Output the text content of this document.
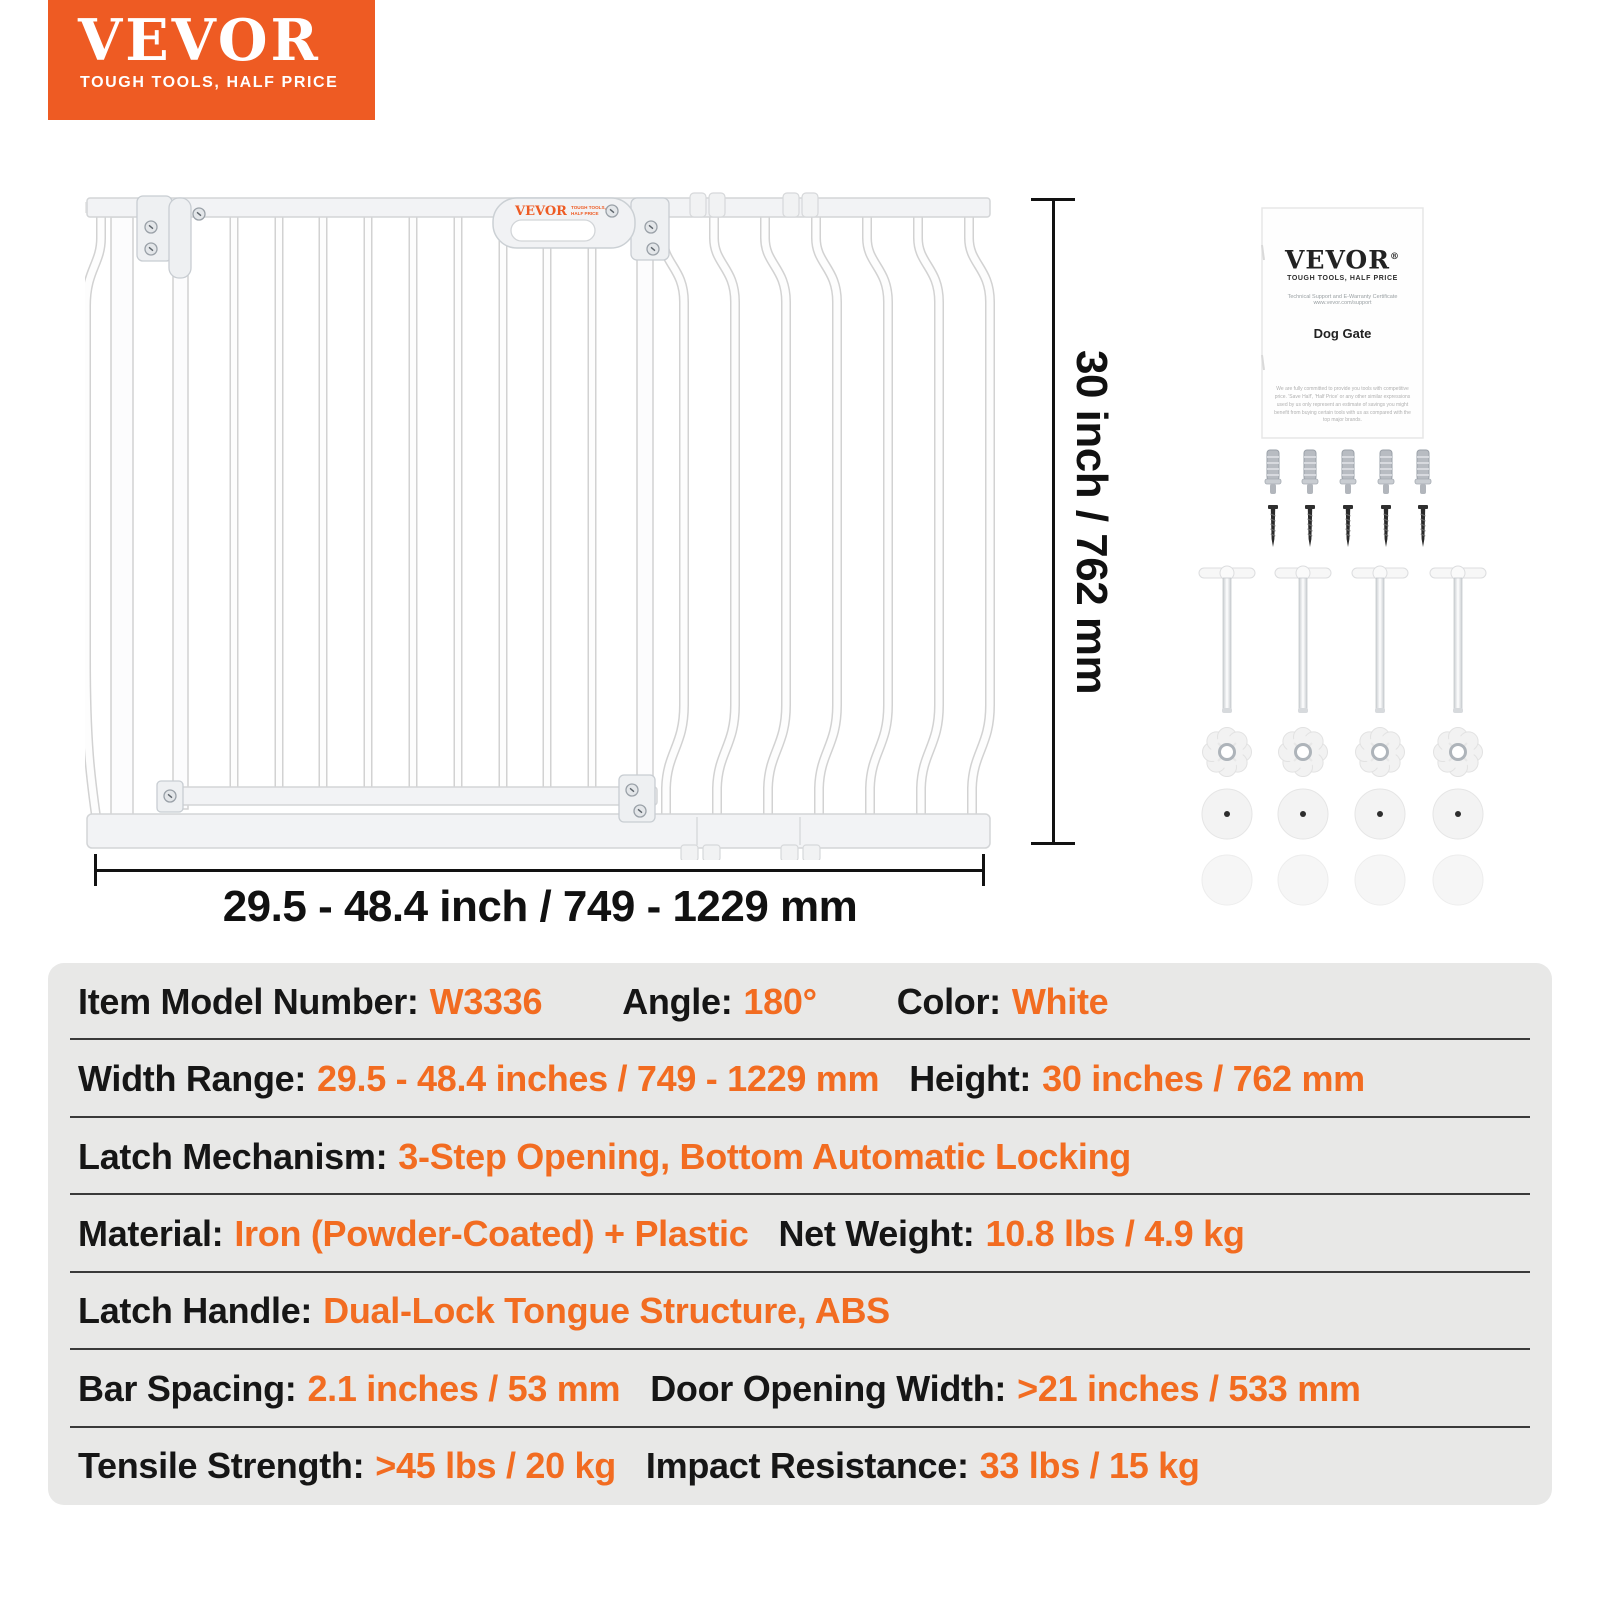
VEVOR
TOUGH TOOLS, HALF PRICE
VEVOR TOUGH TOOLS,
HALF PRICE
30 inch / 762 mm
29.5 - 48.4 inch / 749 - 1229 mm
VEVOR®
TOUGH TOOLS, HALF PRICE
Technical Support and E-Warranty Certificate www.vevor.com/support
Dog Gate
We are fully committed to provide you tools with competitive price. 'Save Half', 'Half Price' or any other similar expressions used by us only represent an estimate of savings you might benefit from buying certain tools with us as compared with the top major brands.
Item Model Number: W3336 Angle: 180° Color: White
Width Range: 29.5 - 48.4 inches / 749 - 1229 mm Height: 30 inches / 762 mm
Latch Mechanism: 3-Step Opening, Bottom Automatic Locking
Material: Iron (Powder-Coated) + Plastic Net Weight: 10.8 lbs / 4.9 kg
Latch Handle: Dual-Lock Tongue Structure, ABS
Bar Spacing: 2.1 inches / 53 mm Door Opening Width: >21 inches / 533 mm
Tensile Strength: >45 lbs / 20 kg Impact Resistance: 33 lbs / 15 kg
